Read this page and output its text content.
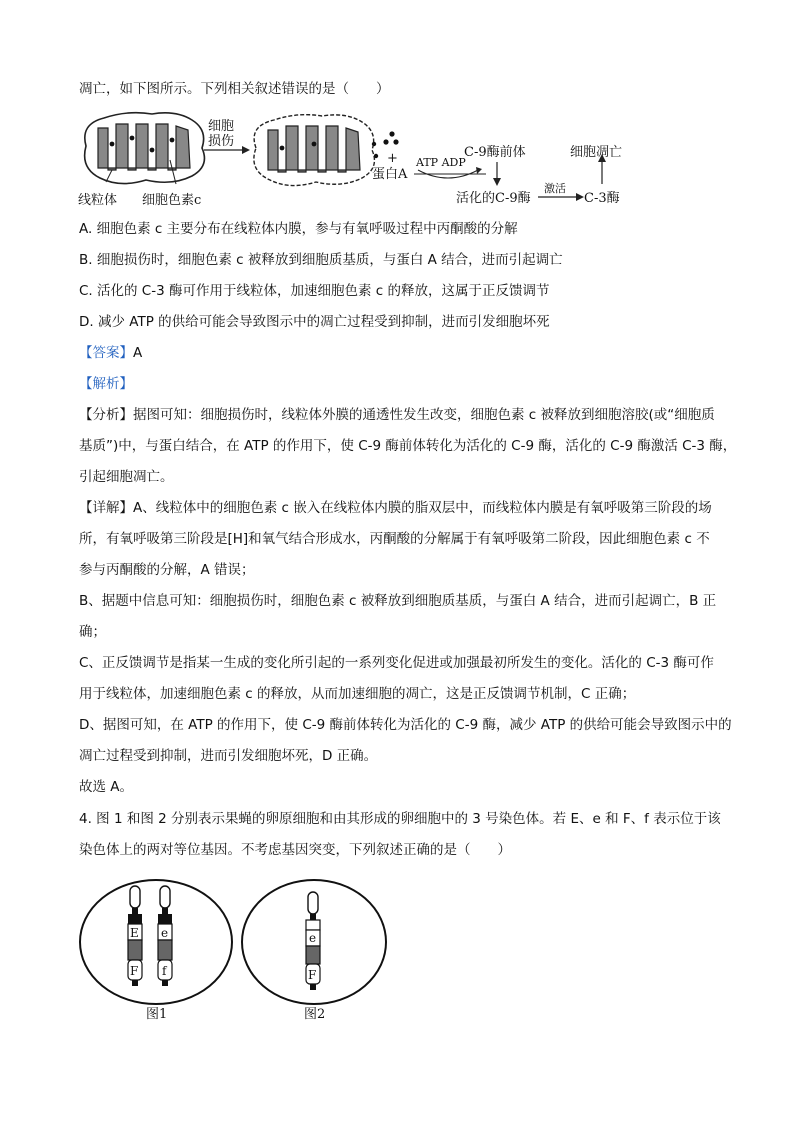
凋亡，如下图所示。下列相关叙述错误的是（　　）
线粒体 细胞色素c
细胞
损伤
+
蛋白A
ATP ADP
C-9酶前体
活化的C-9酶
激活
C-3酶
细胞凋亡
A. 细胞色素 c 主要分布在线粒体内膜，参与有氧呼吸过程中丙酮酸的分解
B. 细胞损伤时，细胞色素 c 被释放到细胞质基质，与蛋白 A 结合，进而引起调亡
C. 活化的 C-3 酶可作用于线粒体，加速细胞色素 c 的释放，这属于正反馈调节
D. 减少 ATP 的供给可能会导致图示中的凋亡过程受到抑制，进而引发细胞坏死
【答案】A
【解析】
【分析】据图可知：细胞损伤时，线粒体外膜的通透性发生改变，细胞色素 c 被释放到细胞溶胶(或“细胞质
基质”)中，与蛋白结合，在 ATP 的作用下，使 C-9 酶前体转化为活化的 C-9 酶，活化的 C-9 酶激活 C-3 酶，
引起细胞凋亡。
【详解】A、线粒体中的细胞色素 c 嵌入在线粒体内膜的脂双层中，而线粒体内膜是有氧呼吸第三阶段的场
所，有氧呼吸第三阶段是[H]和氧气结合形成水，丙酮酸的分解属于有氧呼吸第二阶段，因此细胞色素 c 不
参与丙酮酸的分解，A 错误；
B、据题中信息可知：细胞损伤时，细胞色素 c 被释放到细胞质基质，与蛋白 A 结合，进而引起调亡，B 正
确；
C、正反馈调节是指某一生成的变化所引起的一系列变化促进或加强最初所发生的变化。活化的 C-3 酶可作
用于线粒体，加速细胞色素 c 的释放，从而加速细胞的凋亡，这是正反馈调节机制，C 正确；
D、据图可知，在 ATP 的作用下，使 C-9 酶前体转化为活化的 C-9 酶，减少 ATP 的供给可能会导致图示中的
凋亡过程受到抑制，进而引发细胞坏死，D 正确。
故选 A。
4. 图 1 和图 2 分别表示果蝇的卵原细胞和由其形成的卵细胞中的 3 号染色体。若 E、e 和 F、f 表示位于该
染色体上的两对等位基因。不考虑基因突变，下列叙述正确的是（　　）
E
F
e
f
图1
e
F
图2
